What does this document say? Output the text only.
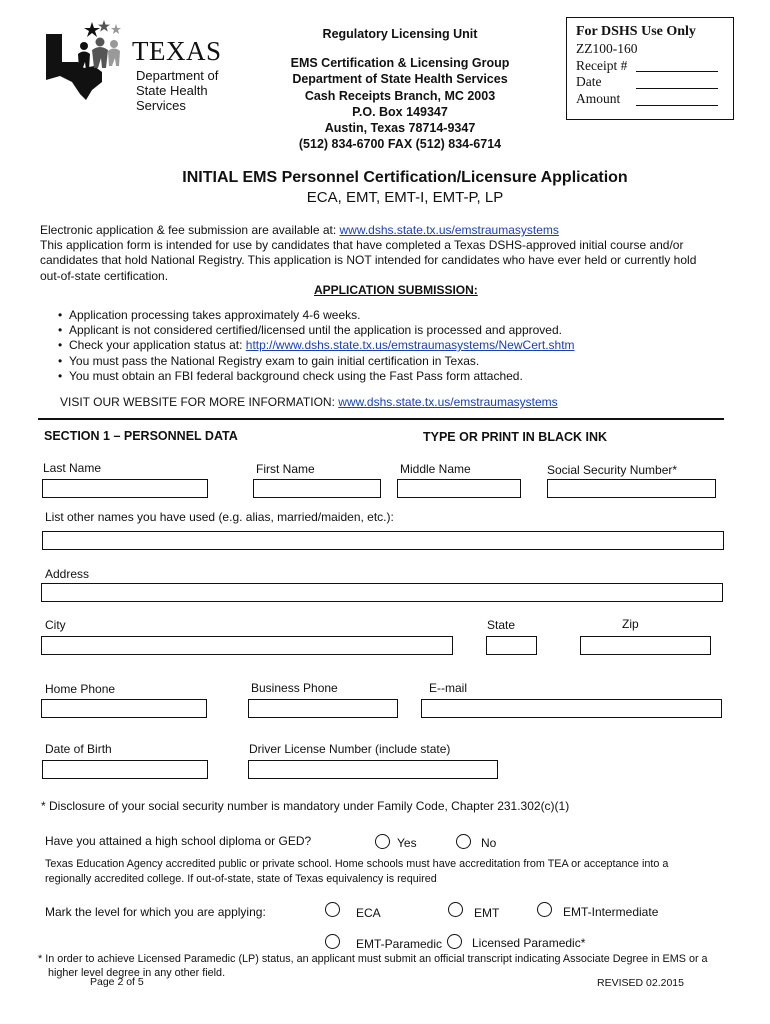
TEXAS
Department of
State Health Services
Regulatory Licensing Unit
EMS Certification & Licensing Group
Department of State Health Services
Cash Receipts Branch, MC 2003
P.O. Box 149347
Austin, Texas 78714-9347
(512) 834-6700 FAX (512) 834-6714
For DSHS Use Only
ZZ100-160
Receipt #
Date
Amount
INITIAL EMS Personnel Certification/Licensure Application
ECA, EMT, EMT-I, EMT-P, LP
Electronic application & fee submission are available at: www.dshs.state.tx.us/emstraumasystems
This application form is intended for use by candidates that have completed a Texas DSHS-approved initial course and/or
candidates that hold National Registry. This application is NOT intended for candidates who have ever held or currently hold
out-of-state certification.
APPLICATION SUBMISSION:
• Application processing takes approximately 4-6 weeks.
• Applicant is not considered certified/licensed until the application is processed and approved.
• Check your application status at: http://www.dshs.state.tx.us/emstraumasystems/NewCert.shtm
• You must pass the National Registry exam to gain initial certification in Texas.
• You must obtain an FBI federal background check using the Fast Pass form attached.
VISIT OUR WEBSITE FOR MORE INFORMATION: www.dshs.state.tx.us/emstraumasystems
SECTION 1 – PERSONNEL DATA	TYPE OR PRINT IN BLACK INK
Last Name	First Name	Middle Name	Social Security Number*
List other names you have used (e.g. alias, married/maiden, etc.):
Address
City	State	Zip
Home Phone	Business Phone	E--mail
Date of Birth	Driver License Number (include state)
* Disclosure of your social security number is mandatory under Family Code, Chapter 231.302(c)(1)
Have you attained a high school diploma or GED?	Yes	No
Texas Education Agency accredited public or private school. Home schools must have accreditation from TEA or acceptance into a
regionally accredited college. If out-of-state, state of Texas equivalency is required
Mark the level for which you are applying:	ECA	EMT	EMT-Intermediate
EMT-Paramedic Licensed Paramedic*
* In order to achieve Licensed Paramedic (LP) status, an applicant must submit an official transcript indicating Associate Degree in EMS or a
higher level degree in any other field.
Page 2 of 5	REVISED 02.2015
